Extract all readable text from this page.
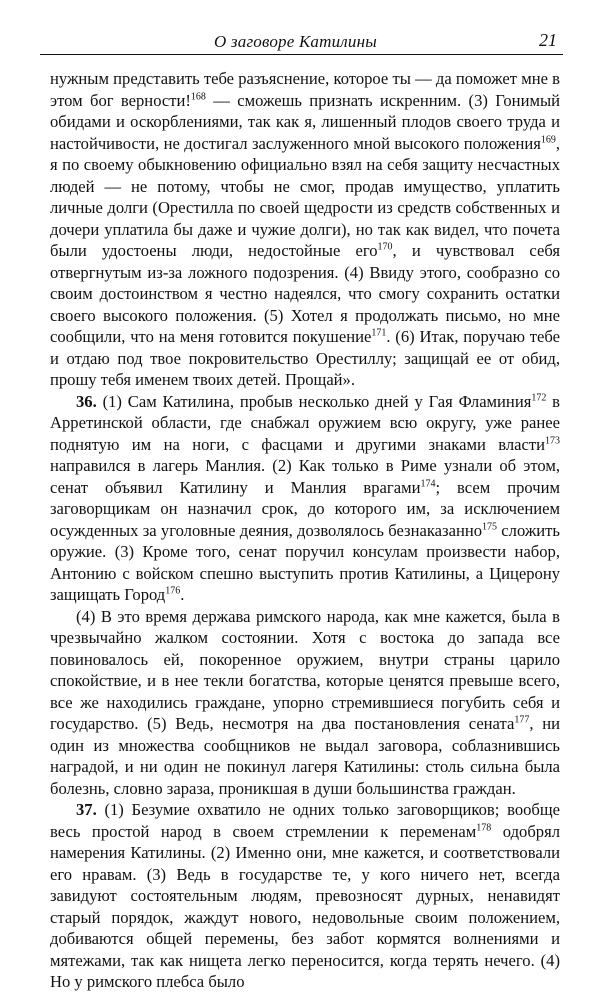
О заговоре Катилины	21

нужным представить тебе разъяснение, которое ты — да поможет мне в этом бог верности!$^{168}$ — сможешь признать искренним. (3) Гонимый обидами и оскорблениями, так как я, лишенный плодов своего труда и настойчивости, не достигал заслуженного мной высокого положения$^{169}$, я по своему обыкновению официально взял на себя защиту несчастных людей — не потому, чтобы не смог, продав имущество, уплатить личные долги (Орестилла по своей щедрости из средств собственных и дочери уплатила бы даже и чужие долги), но так как видел, что почета были удостоены люди, недостойные его$^{170}$, и чувствовал себя отвергнутым из-за ложного подозрения. (4) Ввиду этого, сообразно со своим достоинством я честно надеялся, что смогу сохранить остатки своего высокого положения. (5) Хотел я продолжать письмо, но мне сообщили, что на меня готовится покушение$^{171}$. (6) Итак, поручаю тебе и отдаю под твое покровительство Орестиллу; защищай ее от обид, прошу тебя именем твоих детей. Прощай».

36. (1) Сам Катилина, пробыв несколько дней у Гая Фламиния$^{172}$ в Арретинской области, где снабжал оружием всю округу, уже ранее поднятую им на ноги, с фасцами и другими знаками власти$^{173}$ направился в лагерь Манлия. (2) Как только в Риме узнали об этом, сенат объявил Катилину и Манлия врагами$^{174}$; всем прочим заговорщикам он назначил срок, до которого им, за исключением осужденных за уголовные деяния, дозволялось безнаказанно$^{175}$ сложить оружие. (3) Кроме того, сенат поручил консулам произвести набор, Антонию с войском спешно выступить против Катилины, а Цицерону защищать Город$^{176}$.

(4) В это время держава римского народа, как мне кажется, была в чрезвычайно жалком состоянии. Хотя с востока до запада все повиновалось ей, покоренное оружием, внутри страны царило спокойствие, и в нее текли богатства, которые ценятся превыше всего, все же находились граждане, упорно стремившиеся погубить себя и государство. (5) Ведь, несмотря на два постановления сената$^{177}$, ни один из множества сообщников не выдал заговора, соблазнившись наградой, и ни один не покинул лагеря Катилины: столь сильна была болезнь, словно зараза, проникшая в души большинства граждан.

37. (1) Безумие охватило не одних только заговорщиков; вообще весь простой народ в своем стремлении к переменам$^{178}$ одобрял намерения Катилины. (2) Именно они, мне кажется, и соответствовали его нравам. (3) Ведь в государстве те, у кого ничего нет, всегда завидуют состоятельным людям, превозносят дурных, ненавидят старый порядок, жаждут нового, недовольные своим положением, добиваются общей перемены, без забот кормятся волнениями и мятежами, так как нищета легко переносится, когда терять нечего. (4) Но у римского плебса было
